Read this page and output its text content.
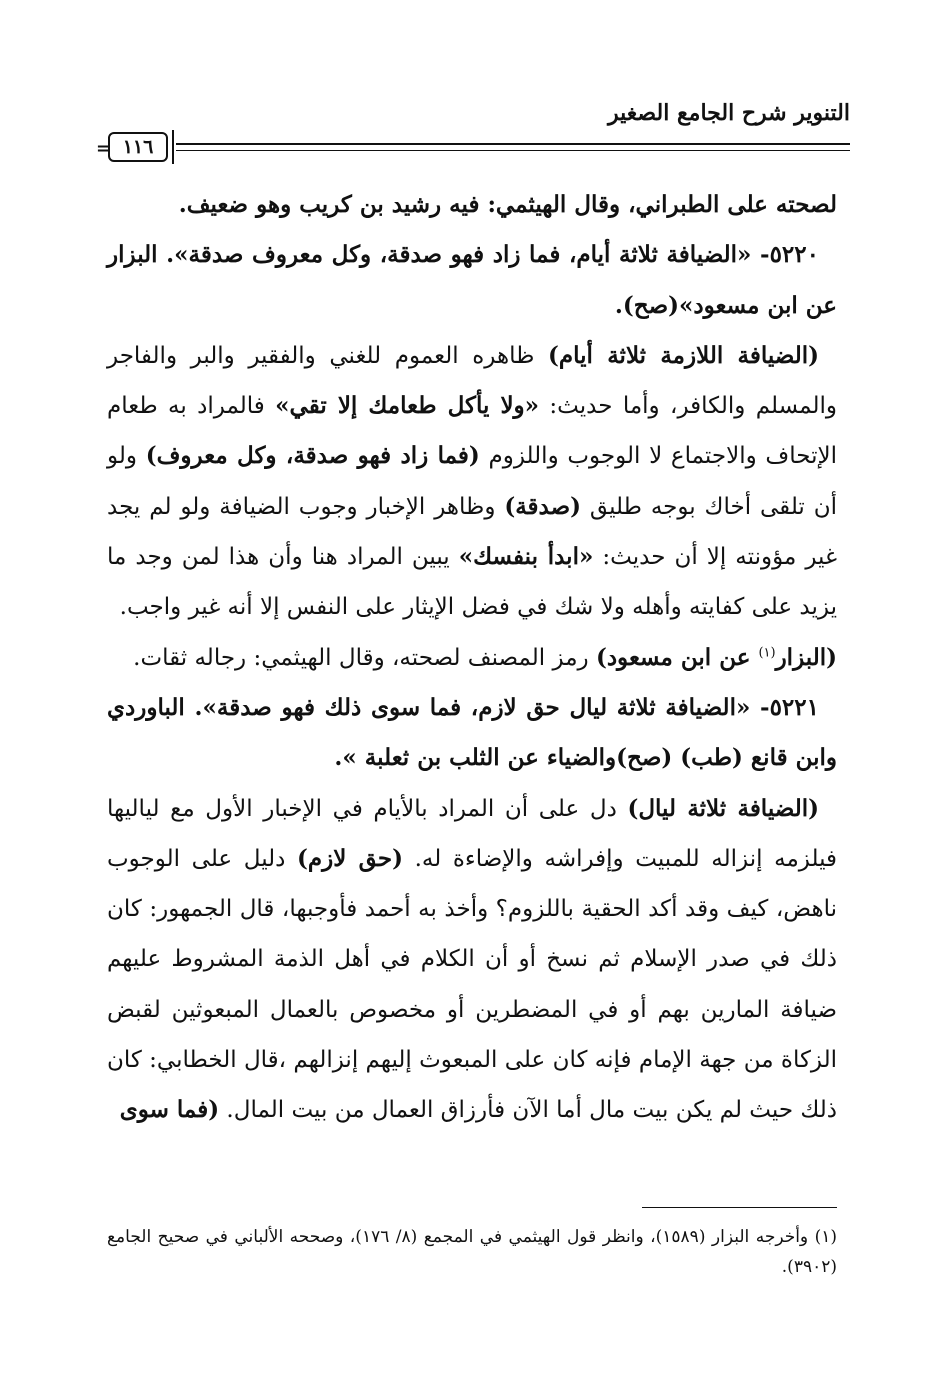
التنوير شرح الجامع الصغير
= ١١٦

لصحته على الطبراني، وقال الهيثمي: فيه رشيد بن كريب وهو ضعيف.

٥٢٢٠- «الضيافة ثلاثة أيام، فما زاد فهو صدقة، وكل معروف صدقة». البزار عن ابن مسعود»(صح).

(الضيافة اللازمة ثلاثة أيام) ظاهره العموم للغني والفقير والبر والفاجر والمسلم والكافر، وأما حديث: «ولا يأكل طعامك إلا تقي» فالمراد به طعام الإتحاف والاجتماع لا الوجوب واللزوم (فما زاد فهو صدقة، وكل معروف) ولو أن تلقى أخاك بوجه طليق (صدقة) وظاهر الإخبار وجوب الضيافة ولو لم يجد غير مؤونته إلا أن حديث: «ابدأ بنفسك» يبين المراد هنا وأن هذا لمن وجد ما يزيد على كفايته وأهله ولا شك في فضل الإيثار على النفس إلا أنه غير واجب.

(البزار$^{(١)}$ عن ابن مسعود) رمز المصنف لصحته، وقال الهيثمي: رجاله ثقات.

٥٢٢١- «الضيافة ثلاثة ليال حق لازم، فما سوى ذلك فهو صدقة». الباوردي وابن قانع (طب) (صح)والضياء عن الثلب بن ثعلبة ».

(الضيافة ثلاثة ليال) دل على أن المراد بالأيام في الإخبار الأول مع لياليها فيلزمه إنزاله للمبيت وإفراشه والإضاءة له. (حق لازم) دليل على الوجوب ناهض، كيف وقد أكد الحقية باللزوم؟ وأخذ به أحمد فأوجبها، قال الجمهور: كان ذلك في صدر الإسلام ثم نسخ أو أن الكلام في أهل الذمة المشروط عليهم ضيافة المارين بهم أو في المضطرين أو مخصوص بالعمال المبعوثين لقبض الزكاة من جهة الإمام فإنه كان على المبعوث إليهم إنزالهم ،قال الخطابي: كان ذلك حيث لم يكن بيت مال أما الآن فأرزاق العمال من بيت المال. (فما سوى

(١) وأخرجه البزار (١٥٨٩)، وانظر قول الهيثمي في المجمع (٨/ ١٧٦)، وصححه الألباني في صحيح الجامع (٣٩٠٢).
